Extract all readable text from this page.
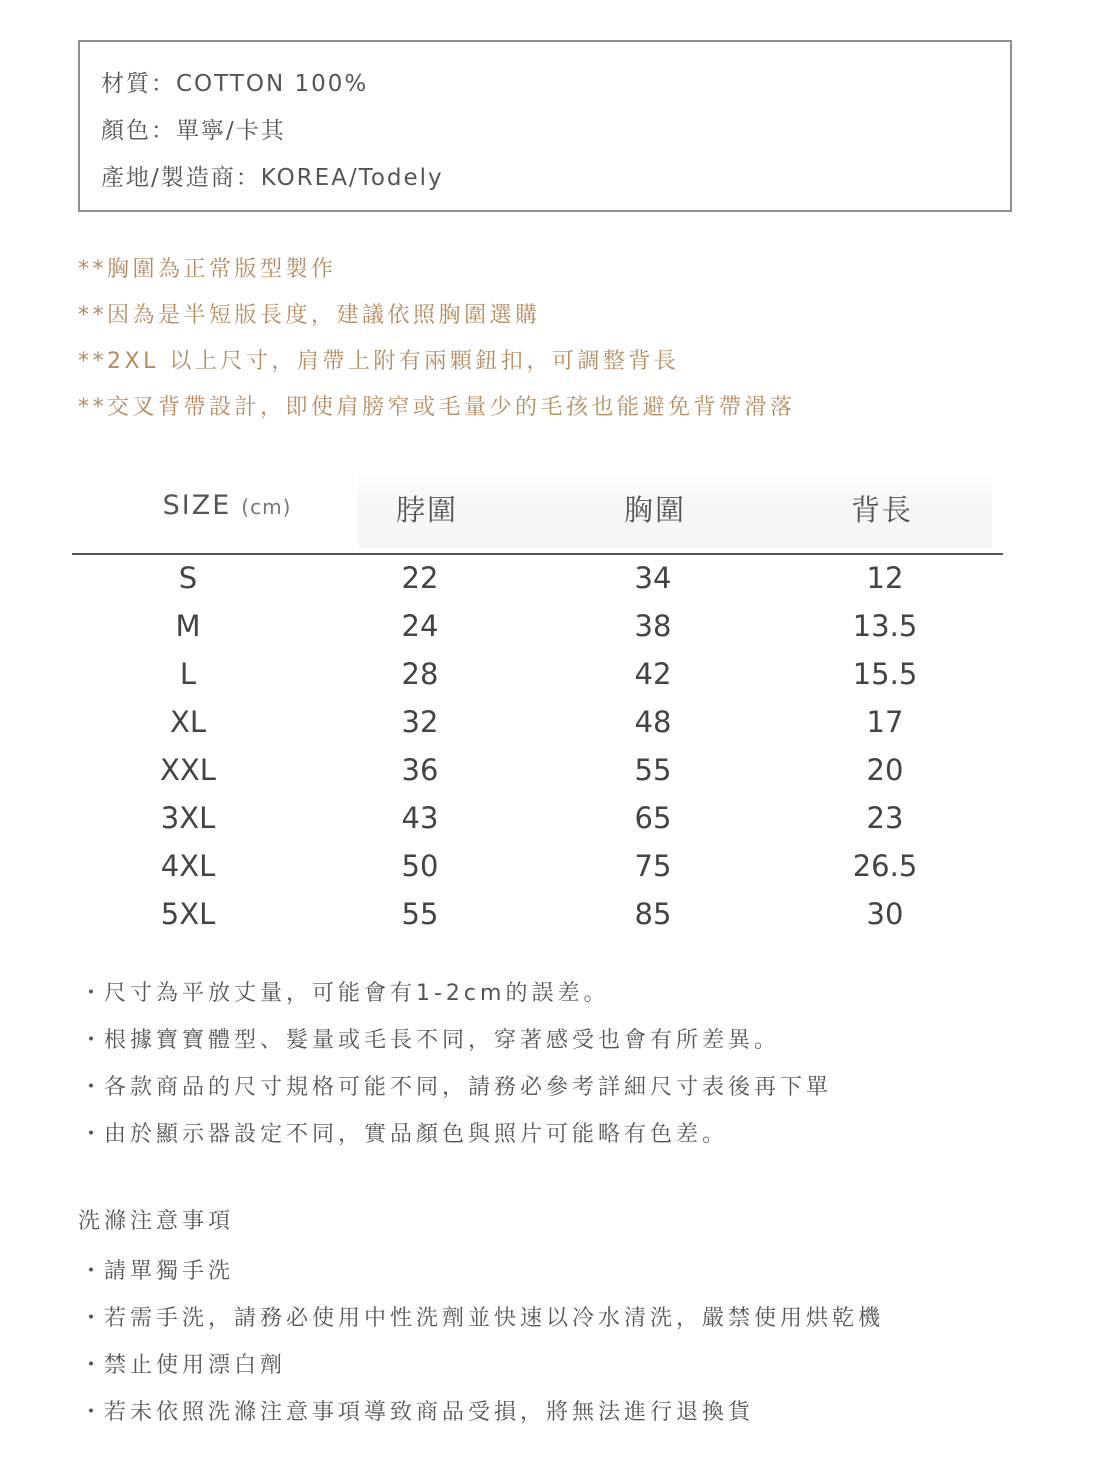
材質：COTTON 100%
顏色：單寧/卡其
產地/製造商：KOREA/Todely
**胸圍為正常版型製作
**因為是半短版長度，建議依照胸圍選購
**2XL 以上尺寸，肩帶上附有兩顆鈕扣，可調整背長
**交叉背帶設計，即使肩膀窄或毛量少的毛孩也能避免背帶滑落
SIZE (cm)	脖圍	胸圍	背長
S	22	34	12
M	24	38	13.5
L	28	42	15.5
XL	32	48	17
XXL	36	55	20
3XL	43	65	23
4XL	50	75	26.5
5XL	55	85	30
・尺寸為平放丈量，可能會有1-2cm的誤差。
・根據寶寶體型、髮量或毛長不同，穿著感受也會有所差異。
・各款商品的尺寸規格可能不同，請務必參考詳細尺寸表後再下單
・由於顯示器設定不同，實品顏色與照片可能略有色差。
洗滌注意事項
・請單獨手洗
・若需手洗，請務必使用中性洗劑並快速以冷水清洗，嚴禁使用烘乾機
・禁止使用漂白劑
・若未依照洗滌注意事項導致商品受損，將無法進行退換貨
